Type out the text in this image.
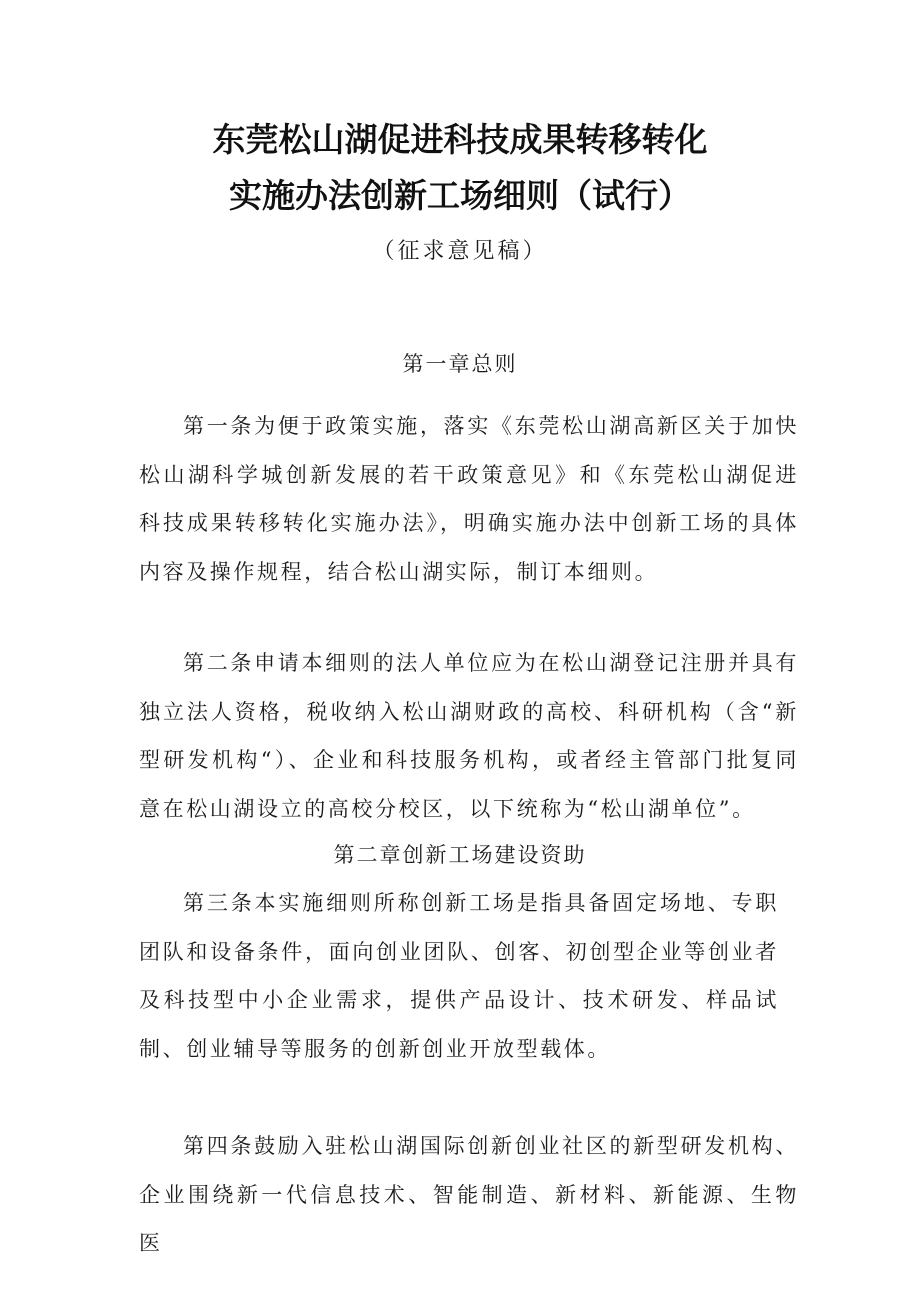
东莞松山湖促进科技成果转移转化
实施办法创新工场细则（试行）
（征求意见稿）
第一章总则
第一条为便于政策实施，落实《东莞松山湖高新区关于加快松山湖科学城创新发展的若干政策意见》和《东莞松山湖促进科技成果转移转化实施办法》，明确实施办法中创新工场的具体内容及操作规程，结合松山湖实际，制订本细则。
第二条申请本细则的法人单位应为在松山湖登记注册并具有独立法人资格，税收纳入松山湖财政的高校、科研机构（含“新型研发机构“）、企业和科技服务机构，或者经主管部门批复同意在松山湖设立的高校分校区，以下统称为“松山湖单位”。
第二章创新工场建设资助
第三条本实施细则所称创新工场是指具备固定场地、专职团队和设备条件，面向创业团队、创客、初创型企业等创业者及科技型中小企业需求，提供产品设计、技术研发、样品试制、创业辅导等服务的创新创业开放型载体。
第四条鼓励入驻松山湖国际创新创业社区的新型研发机构、企业围绕新一代信息技术、智能制造、新材料、新能源、生物医
